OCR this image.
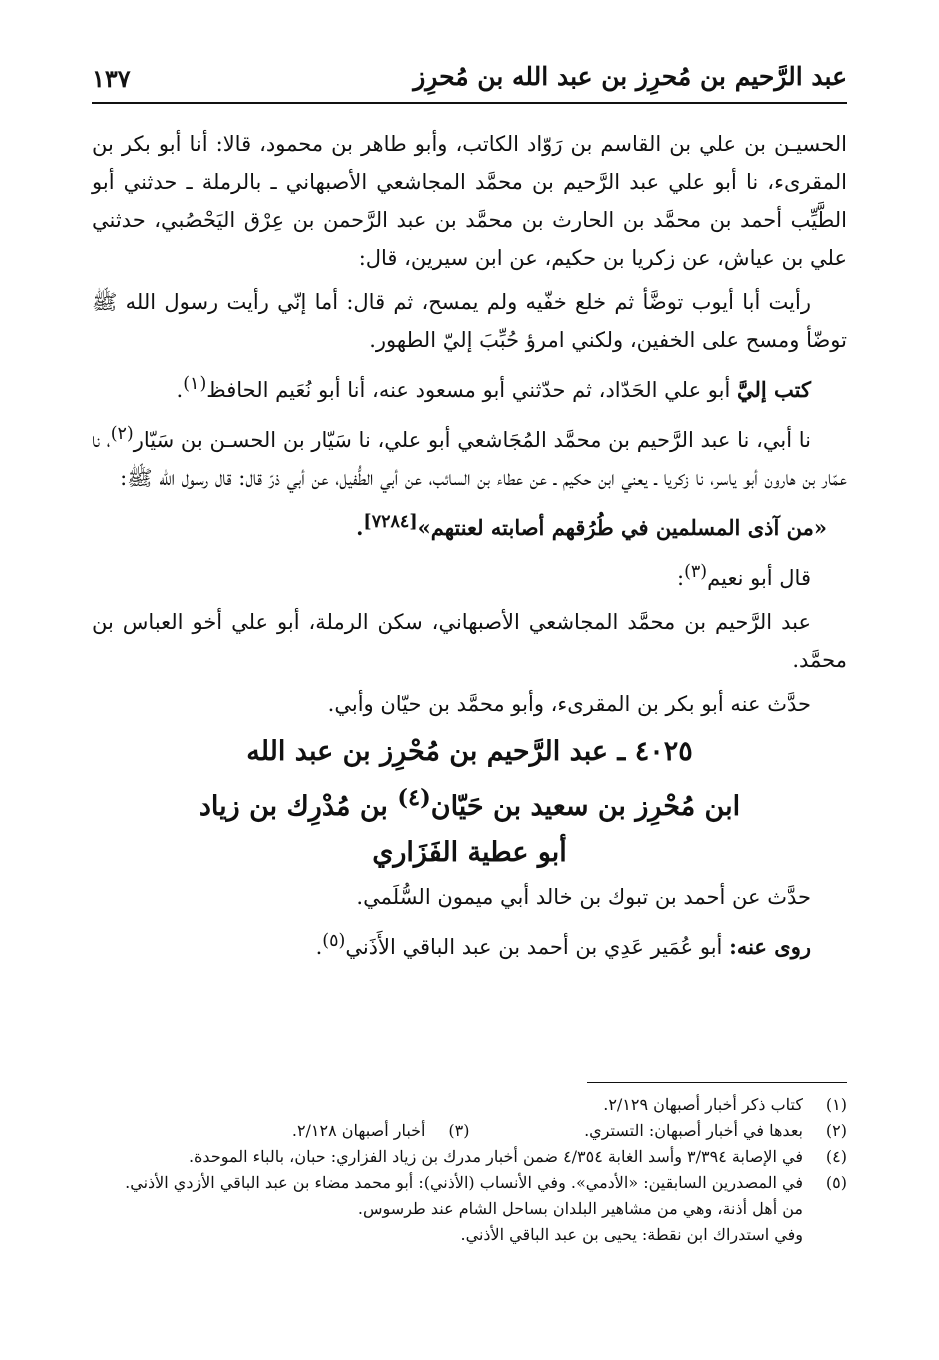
عبد الرَّحيم بن مُحرِز بن عبد الله بن مُحرِز
١٣٧

الحسيـن بن علي بن القاسم بن رَوّاد الكاتب، وأبو طاهر بن محمود، قالا: أنا أبو بكر بن المقرىء، نا أبو علي عبد الرَّحيم بن محمَّد المجاشعي الأصبهاني ـ بالرملة ـ حدثني أبو الطَّيِّب أحمد بن محمَّد بن الحارث بن محمَّد بن عبد الرَّحمن بن عِرْق اليَحْصُبي، حدثني علي بن عياش، عن زكريا بن حكيم، عن ابن سيرين، قال:

رأيت أبا أيوب توضَّأ ثم خلع خفّيه ولم يمسح، ثم قال: أما إنّي رأيت رسول الله ﷺ توضّأ ومسح على الخفين، ولكني امرؤ حُبِّبَ إليّ الطهور.

كتب إليَّ أبو علي الحَدّاد، ثم حدّثني أبو مسعود عنه، أنا أبو نُعَيم الحافظ$^{(١)}$.

نا أبي، نا عبد الرَّحيم بن محمَّد المُجَاشعي أبو علي، نا سَيّار بن الحسـن بن سَيّار$^{(٢)}$، نا عمّار بن هارون أبو ياسر، نا زكريا ـ يعني ابن حكيم ـ عن عطاء بن السائب، عن أبي الطُّفيل، عن أبي ذرّ قال: قال رسول الله ﷺ:

«من آذى المسلمين في طُرُقهم أصابته لعنتهم»[٧٢٨٤].

قال أبو نعيم$^{(٣)}$:

عبد الرَّحيم بن محمَّد المجاشعي الأصبهاني، سكن الرملة، أبو علي أخو العباس بن محمَّد.

حدَّث عنه أبو بكر بن المقرىء، وأبو محمَّد بن حيّان وأبي.

٤٠٢٥ ـ عبد الرَّحيم بن مُحْرِز بن عبد الله
ابن مُحْرِز بن سعيد بن حَيّان$^{(٤)}$ بن مُدْرِك بن زياد
أبو عطية الفَزَاري

حدَّث عن أحمد بن تبوك بن خالد أبي ميمون السُّلَمي.

روى عنه: أبو عُمَير عَدِي بن أحمد بن عبد الباقي الأَذَني$^{(٥)}$.

(١)
كتاب ذكر أخبار أصبهان ٢/١٢٩.

(٢)
بعدها في أخبار أصبهان: التستري.

(٣)
أخبار أصبهان ٢/١٢٨.

(٤)
في الإصابة ٣/٣٩٤ وأسد الغابة ٤/٣٥٤ ضمن أخبار مدرك بن زياد الفزاري: حبان، بالباء الموحدة.

(٥)
في المصدرين السابقين: «الأدمي». وفي الأنساب (الأذني): أبو محمد مضاء بن عبد الباقي الأزدي الأذني.

من أهل أذنة، وهي من مشاهير البلدان بساحل الشام عند طرسوس.

وفي استدراك ابن نقطة: يحيى بن عبد الباقي الأذني.
